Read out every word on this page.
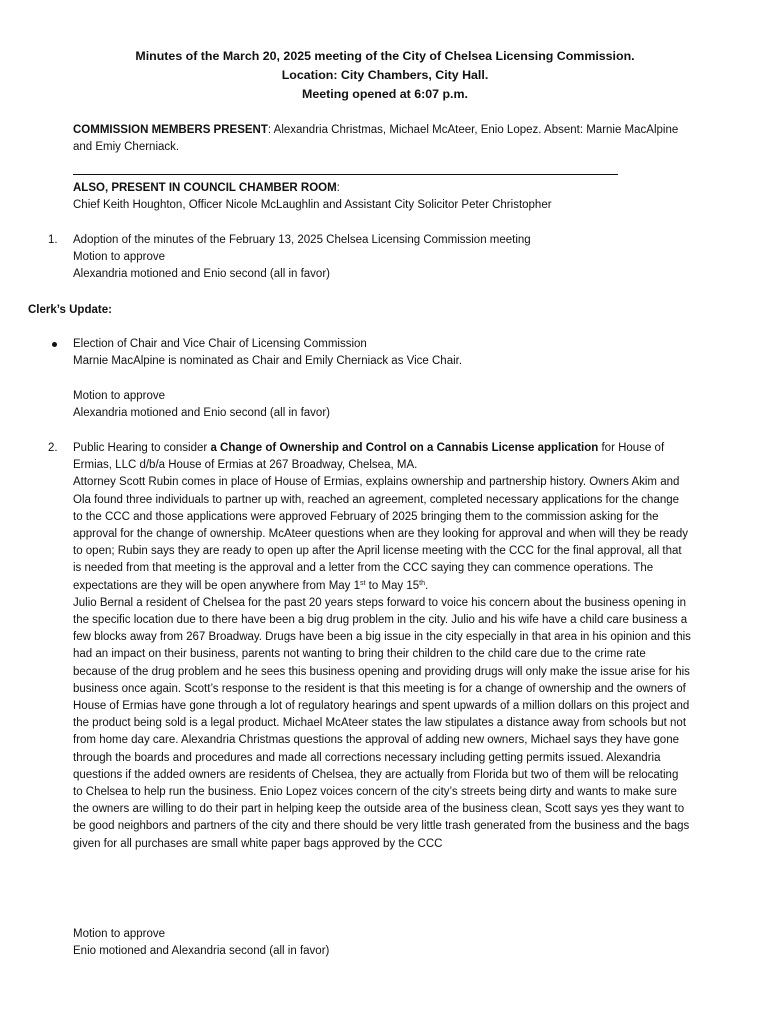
Minutes of the March 20, 2025 meeting of the City of Chelsea Licensing Commission.
Location: City Chambers, City Hall.
Meeting opened at 6:07 p.m.
COMMISSION MEMBERS PRESENT: Alexandria Christmas, Michael McAteer, Enio Lopez. Absent: Marnie MacAlpine and Emiy Cherniack.
ALSO, PRESENT IN COUNCIL CHAMBER ROOM:
Chief Keith Houghton, Officer Nicole McLaughlin and Assistant City Solicitor Peter Christopher
1. Adoption of the minutes of the February 13, 2025 Chelsea Licensing Commission meeting
Motion to approve
Alexandria motioned and Enio second (all in favor)
Clerk’s Update:
Election of Chair and Vice Chair of Licensing Commission
Marnie MacAlpine is nominated as Chair and Emily Cherniack as Vice Chair.
Motion to approve
Alexandria motioned and Enio second (all in favor)
2. Public Hearing to consider a Change of Ownership and Control on a Cannabis License application for House of Ermias, LLC d/b/a House of Ermias at 267 Broadway, Chelsea, MA.

Attorney Scott Rubin comes in place of House of Ermias, explains ownership and partnership history. Owners Akim and Ola found three individuals to partner up with, reached an agreement, completed necessary applications for the change to the CCC and those applications were approved February of 2025 bringing them to the commission asking for the approval for the change of ownership. McAteer questions when are they looking for approval and when will they be ready to open; Rubin says they are ready to open up after the April license meeting with the CCC for the final approval, all that is needed from that meeting is the approval and a letter from the CCC saying they can commence operations. The expectations are they will be open anywhere from May 1st to May 15th.

Julio Bernal a resident of Chelsea for the past 20 years steps forward to voice his concern about the business opening in the specific location due to there have been a big drug problem in the city. Julio and his wife have a child care business a few blocks away from 267 Broadway. Drugs have been a big issue in the city especially in that area in his opinion and this had an impact on their business, parents not wanting to bring their children to the child care due to the crime rate because of the drug problem and he sees this business opening and providing drugs will only make the issue arise for his business once again. Scott’s response to the resident is that this meeting is for a change of ownership and the owners of House of Ermias have gone through a lot of regulatory hearings and spent upwards of a million dollars on this project and the product being sold is a legal product. Michael McAteer states the law stipulates a distance away from schools but not from home day care. Alexandria Christmas questions the approval of adding new owners, Michael says they have gone through the boards and procedures and made all corrections necessary including getting permits issued. Alexandria questions if the added owners are residents of Chelsea, they are actually from Florida but two of them will be relocating to Chelsea to help run the business. Enio Lopez voices concern of the city’s streets being dirty and wants to make sure the owners are willing to do their part in helping keep the outside area of the business clean, Scott says yes they want to be good neighbors and partners of the city and there should be very little trash generated from the business and the bags given for all purchases are small white paper bags approved by the CCC

Motion to approve
Enio motioned and Alexandria second (all in favor)
